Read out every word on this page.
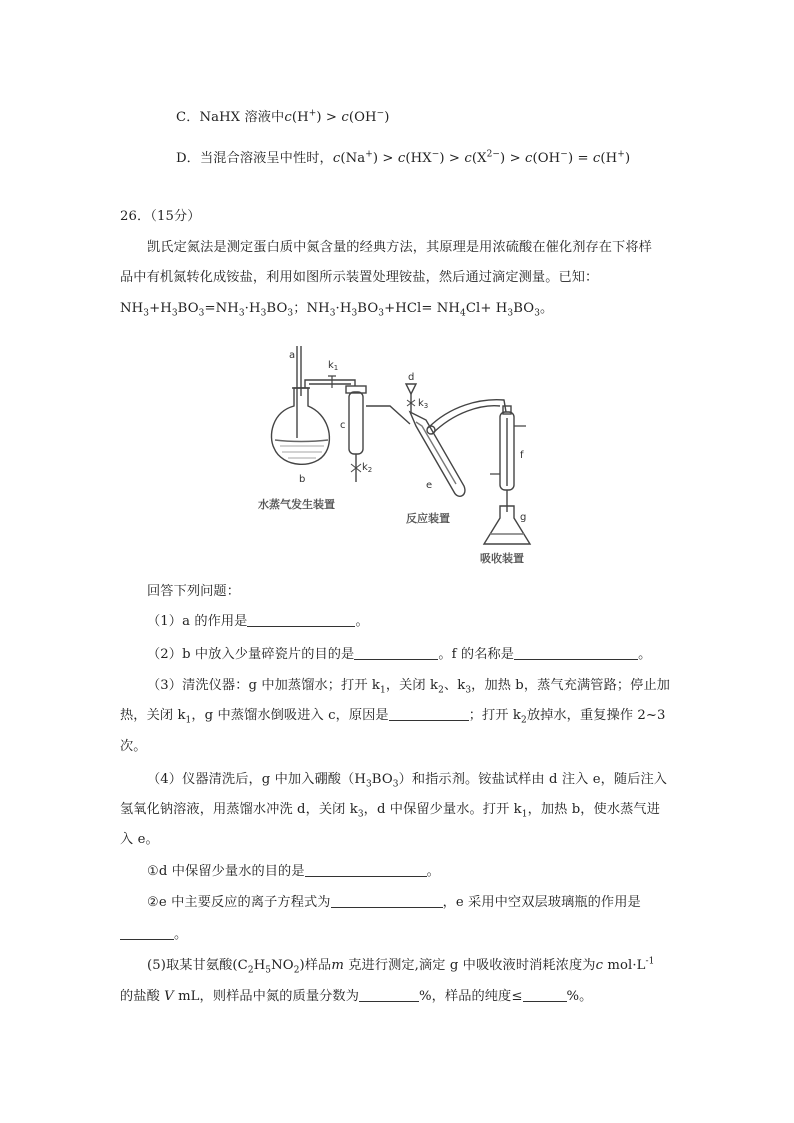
C．NaHX 溶液中c(H+) > c(OH−)
D．当混合溶液呈中性时，$c(Na^+) > c(HX^-) > c(X^{2-}) > c(OH^-) = c(H^+)$
26．（15分）
凯氏定氮法是测定蛋白质中氮含量的经典方法，其原理是用浓硫酸在催化剂存在下将样
品中有机氮转化成铵盐，利用如图所示装置处理铵盐，然后通过滴定测量。已知：
$NH_3+H_3BO_3=NH_3\cdot H_3BO_3$；$NH_3\cdot H_3BO_3+HCl= NH_4Cl+ H_3BO_3$。
a
b
c
d
e
f
g
$k_1$
$k_2$
$k_3$
水蒸气发生装置
反应装置
吸收装置
回答下列问题：
（1）a 的作用是	。
（2）b 中放入少量碎瓷片的目的是	。f 的名称是	。
（3）清洗仪器：g 中加蒸馏水；打开 $k_1$，关闭 $k_2$、$k_3$，加热 b，蒸气充满管路；停止加
热，关闭 $k_1$，g 中蒸馏水倒吸进入 c，原因是	；打开 $k_2$放掉水，重复操作 2~3
次。
（4）仪器清洗后，g 中加入硼酸$(H_3BO_3)$和指示剂。铵盐试样由 d 注入 e，随后注入
氢氧化钠溶液，用蒸馏水冲洗 d，关闭 $k_3$，d 中保留少量水。打开 $k_1$，加热 b，使水蒸气进
入 e。
①d 中保留少量水的目的是	。
②e 中主要反应的离子方程式为	，e 采用中空双层玻璃瓶的作用是
。
(5)取某甘氨酸$(C_2H_5NO_2)$样品m 克进行测定,滴定 g 中吸收液时消耗浓度为c $mol\cdot L^{-1}$
的盐酸 V mL，则样品中氮的质量分数为	%，样品的纯度≤	%。
